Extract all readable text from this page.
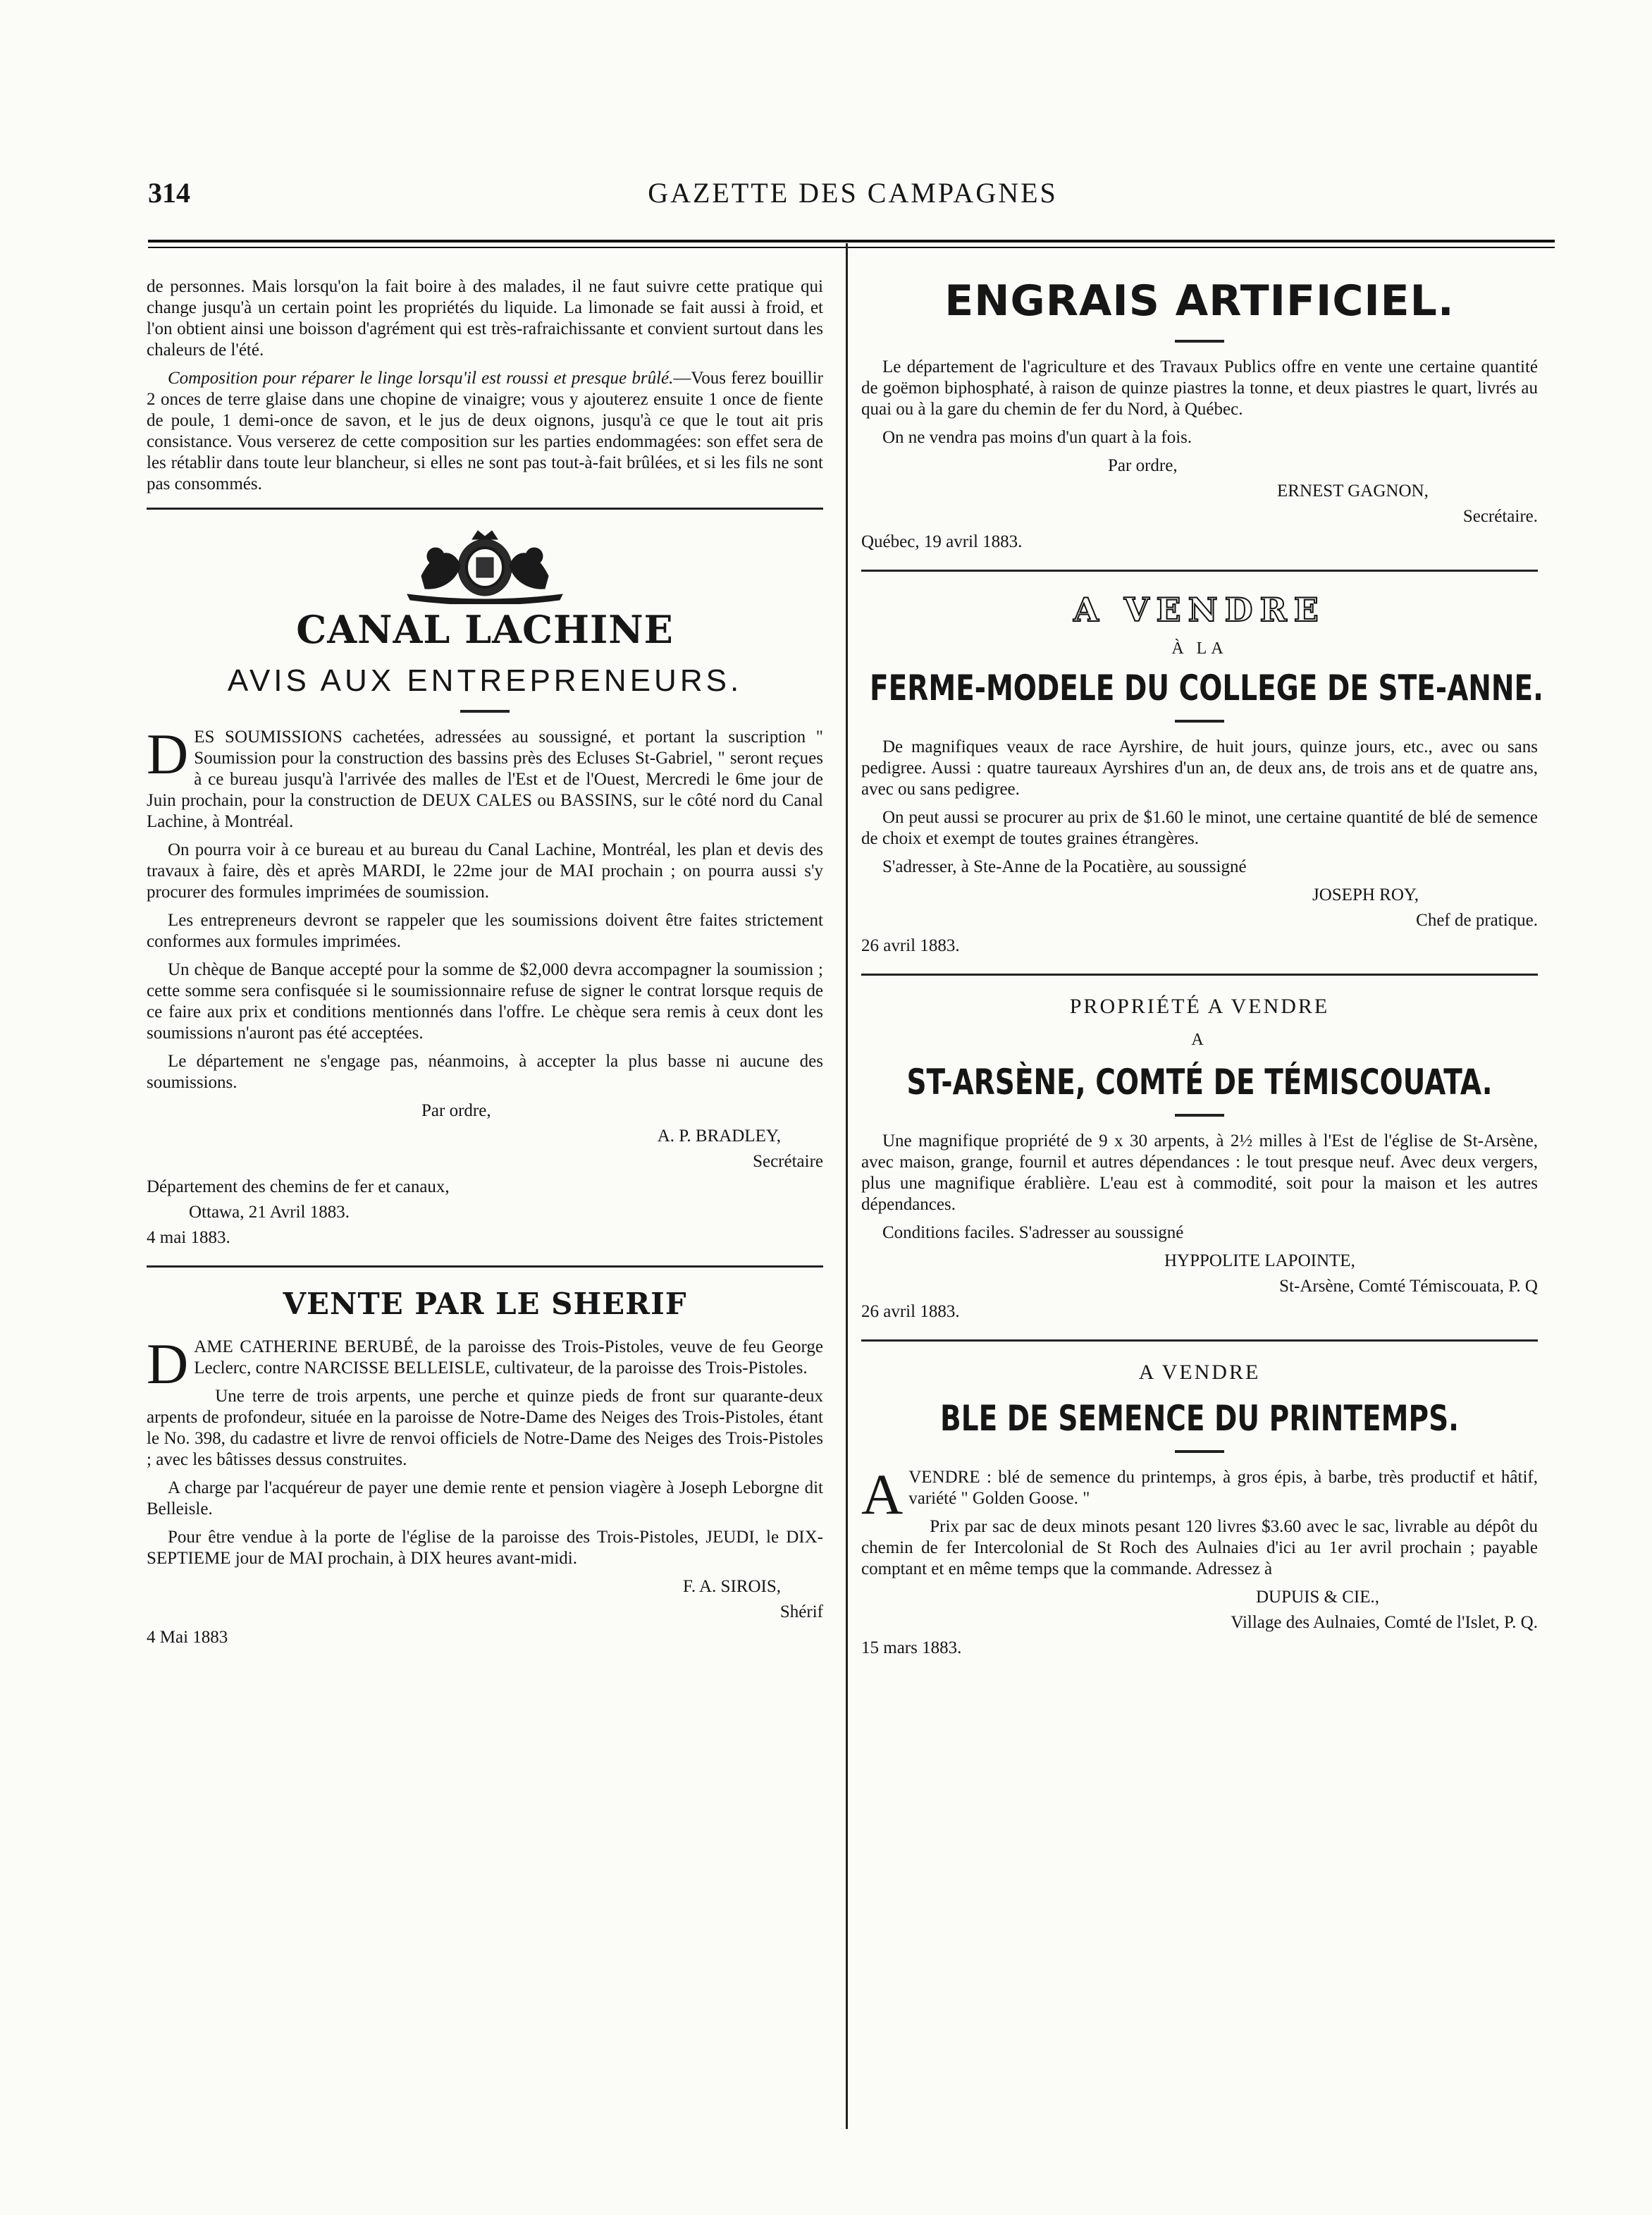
314	GAZETTE DES CAMPAGNES

de personnes. Mais lorsqu'on la fait boire à des malades, il ne faut suivre cette pratique qui change jusqu'à un certain point les propriétés du liquide. La limonade se fait aussi à froid, et l'on obtient ainsi une boisson d'agrément qui est très-rafraichissante et convient surtout dans les chaleurs de l'été.

Composition pour réparer le linge lorsqu'il est roussi et presque brûlé.—Vous ferez bouillir 2 onces de terre glaise dans une chopine de vinaigre; vous y ajouterez ensuite 1 once de fiente de poule, 1 demi-once de savon, et le jus de deux oignons, jusqu'à ce que le tout ait pris consistance. Vous verserez de cette composition sur les parties endommagées: son effet sera de les rétablir dans toute leur blancheur, si elles ne sont pas tout-à-fait brûlées, et si les fils ne sont pas consommés.

CANAL LACHINE
AVIS AUX ENTREPRENEURS.

DES SOUMISSIONS cachetées, adressées au soussigné, et portant la suscription " Soumission pour la construction des bassins près des Ecluses St-Gabriel, " seront reçues à ce bureau jusqu'à l'arrivée des malles de l'Est et de l'Ouest, Mercredi le 6me jour de Juin prochain, pour la construction de DEUX CALES ou BASSINS, sur le côté nord du Canal Lachine, à Montréal.

On pourra voir à ce bureau et au bureau du Canal Lachine, Montréal, les plan et devis des travaux à faire, dès et après MARDI, le 22me jour de MAI prochain ; on pourra aussi s'y procurer des formules imprimées de soumission.

Les entrepreneurs devront se rappeler que les soumissions doivent être faites strictement conformes aux formules imprimées.

Un chèque de Banque accepté pour la somme de $2,000 devra accompagner la soumission ; cette somme sera confisquée si le soumissionnaire refuse de signer le contrat lorsque requis de ce faire aux prix et conditions mentionnés dans l'offre. Le chèque sera remis à ceux dont les soumissions n'auront pas été acceptées.

Le département ne s'engage pas, néanmoins, à accepter la plus basse ni aucune des soumissions.

Par ordre,
A. P. BRADLEY,
Secrétaire
Département des chemins de fer et canaux,
Ottawa, 21 Avril 1883.
4 mai 1883.
VENTE PAR LE SHERIF

DAME CATHERINE BERUBÉ, de la paroisse des Trois-Pistoles, veuve de feu George Leclerc, contre NARCISSE BELLEISLE, cultivateur, de la paroisse des Trois-Pistoles.

Une terre de trois arpents, une perche et quinze pieds de front sur quarante-deux arpents de profondeur, située en la paroisse de Notre-Dame des Neiges des Trois-Pistoles, étant le No. 398, du cadastre et livre de renvoi officiels de Notre-Dame des Neiges des Trois-Pistoles ; avec les bâtisses dessus construites.

A charge par l'acquéreur de payer une demie rente et pension viagère à Joseph Leborgne dit Belleisle.

Pour être vendue à la porte de l'église de la paroisse des Trois-Pistoles, JEUDI, le DIX-SEPTIEME jour de MAI prochain, à DIX heures avant-midi.

F. A. SIROIS,
Shérif
4 Mai 1883
ENGRAIS ARTIFICIEL.

Le département de l'agriculture et des Travaux Publics offre en vente une certaine quantité de goëmon biphosphaté, à raison de quinze piastres la tonne, et deux piastres le quart, livrés au quai ou à la gare du chemin de fer du Nord, à Québec.

On ne vendra pas moins d'un quart à la fois.

Par ordre,
ERNEST GAGNON,
Secrétaire.
Québec, 19 avril 1883.
A VENDRE
À LA
FERME-MODELE DU COLLEGE DE STE-ANNE.

De magnifiques veaux de race Ayrshire, de huit jours, quinze jours, etc., avec ou sans pedigree. Aussi : quatre taureaux Ayrshires d'un an, de deux ans, de trois ans et de quatre ans, avec ou sans pedigree.

On peut aussi se procurer au prix de $1.60 le minot, une certaine quantité de blé de semence de choix et exempt de toutes graines étrangères.

S'adresser, à Ste-Anne de la Pocatière, au soussigné

JOSEPH ROY,
Chef de pratique.
26 avril 1883.
PROPRIÉTÉ A VENDRE
A
ST-ARSÈNE, COMTÉ DE TÉMISCOUATA.

Une magnifique propriété de 9 x 30 arpents, à 2½ milles à l'Est de l'église de St-Arsène, avec maison, grange, fournil et autres dépendances : le tout presque neuf. Avec deux vergers, plus une magnifique érablière. L'eau est à commodité, soit pour la maison et les autres dépendances.

Conditions faciles. S'adresser au soussigné

HYPPOLITE LAPOINTE,
St-Arsène, Comté Témiscouata, P. Q
26 avril 1883.
A VENDRE
BLE DE SEMENCE DU PRINTEMPS.

AVENDRE : blé de semence du printemps, à gros épis, à barbe, très productif et hâtif, variété " Golden Goose. "

Prix par sac de deux minots pesant 120 livres $3.60 avec le sac, livrable au dépôt du chemin de fer Intercolonial de St Roch des Aulnaies d'ici au 1er avril prochain ; payable comptant et en même temps que la commande. Adressez à

DUPUIS & CIE.,
Village des Aulnaies, Comté de l'Islet, P. Q.
15 mars 1883.
